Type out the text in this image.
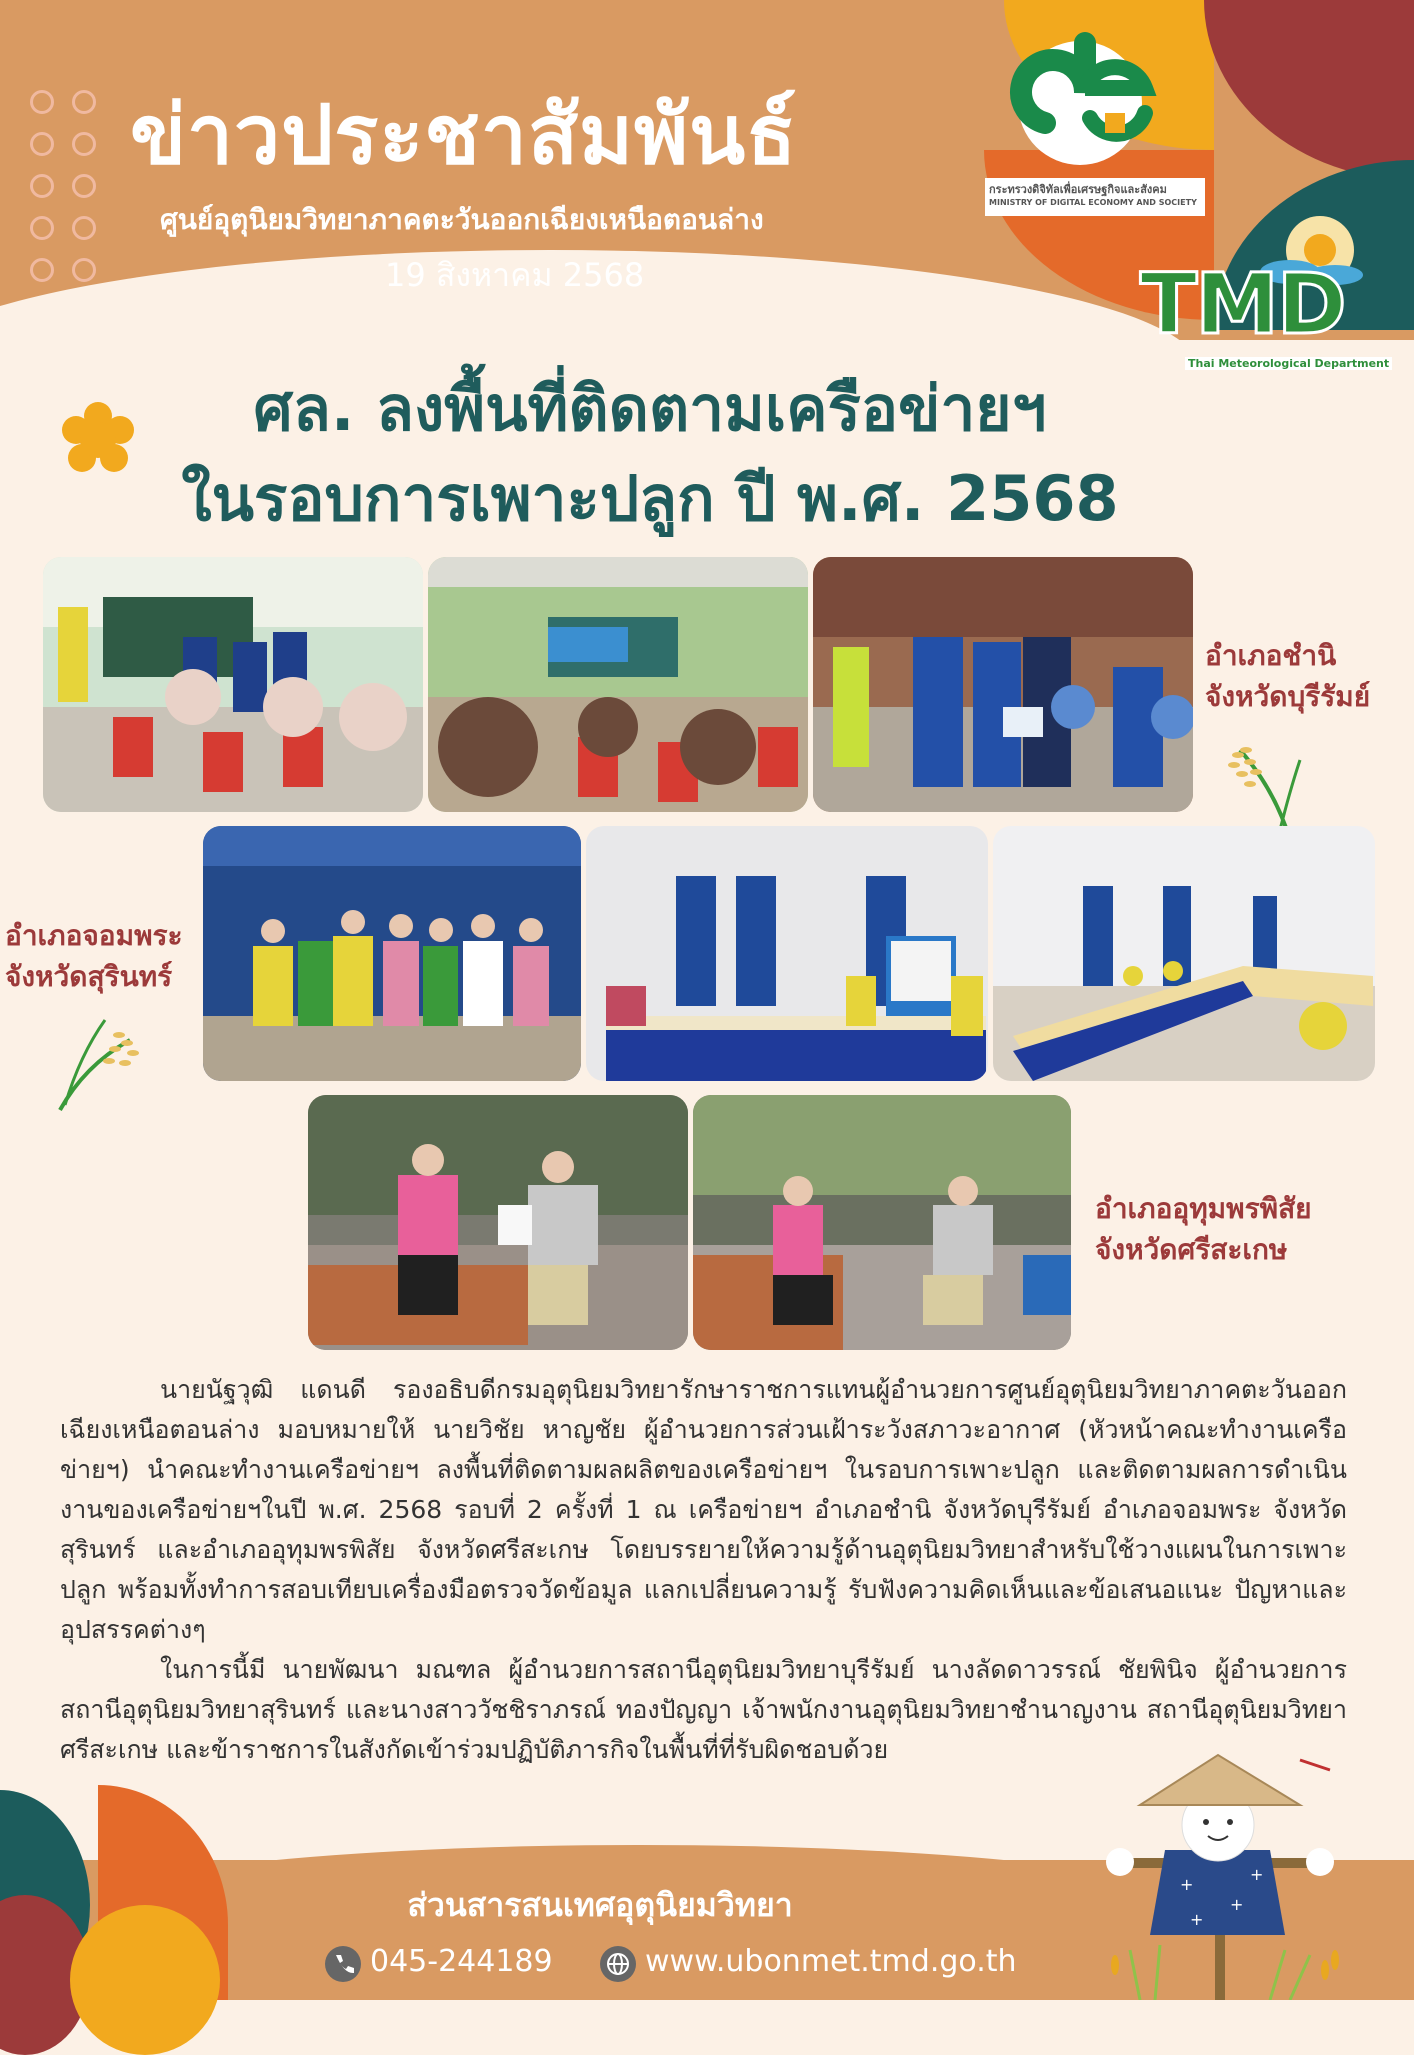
ข่าวประชาสัมพันธ์
ศูนย์อุตุนิยมวิทยาภาคตะวันออกเฉียงเหนือตอนล่าง
19 สิงหาคม 2568
กระทรวงดิจิทัลเพื่อเศรษฐกิจและสังคม
MINISTRY OF DIGITAL ECONOMY AND SOCIETY
TMD
Thai Meteorological Department
ศล. ลงพื้นที่ติดตามเครือข่ายฯ
ในรอบการเพาะปลูก ปี พ.ศ. 2568
อำเภอชำนิ
จังหวัดบุรีรัมย์
อำเภอจอมพระ
จังหวัดสุรินทร์
อำเภออุทุมพรพิสัย
จังหวัดศรีสะเกษ

นายนัฐวุฒิ แดนดี รองอธิบดีกรมอุตุนิยมวิทยารักษาราชการแทนผู้อำนวยการศูนย์อุตุนิยมวิทยาภาคตะวันออกเฉียงเหนือตอนล่าง มอบหมายให้ นายวิชัย หาญชัย ผู้อำนวยการส่วนเฝ้าระวังสภาวะอากาศ (หัวหน้าคณะทำงานเครือข่ายฯ) นำคณะทำงานเครือข่ายฯ ลงพื้นที่ติดตามผลผลิตของเครือข่ายฯ ในรอบการเพาะปลูก และติดตามผลการดำเนินงานของเครือข่ายฯในปี พ.ศ. 2568 รอบที่ 2 ครั้งที่ 1 ณ เครือข่ายฯ อำเภอชำนิ จังหวัดบุรีรัมย์ อำเภอจอมพระ จังหวัดสุรินทร์ และอำเภออุทุมพรพิสัย จังหวัดศรีสะเกษ โดยบรรยายให้ความรู้ด้านอุตุนิยมวิทยาสำหรับใช้วางแผนในการเพาะปลูก พร้อมทั้งทำการสอบเทียบเครื่องมือตรวจวัดข้อมูล แลกเปลี่ยนความรู้ รับฟังความคิดเห็นและข้อเสนอแนะ ปัญหาและอุปสรรคต่างๆ

ในการนี้มี นายพัฒนา มณฑล ผู้อำนวยการสถานีอุตุนิยมวิทยาบุรีรัมย์ นางลัดดาวรรณ์ ชัยพินิจ ผู้อำนวยการสถานีอุตุนิยมวิทยาสุรินทร์ และนางสาววัชชิราภรณ์ ทองปัญญา เจ้าพนักงานอุตุนิยมวิทยาชำนาญงาน สถานีอุตุนิยมวิทยาศรีสะเกษ และข้าราชการในสังกัดเข้าร่วมปฏิบัติภารกิจในพื้นที่ที่รับผิดชอบด้วย

ส่วนสารสนเทศอุตุนิยมวิทยา
045-244189	www.ubonmet.tmd.go.th
+
+
+
+
